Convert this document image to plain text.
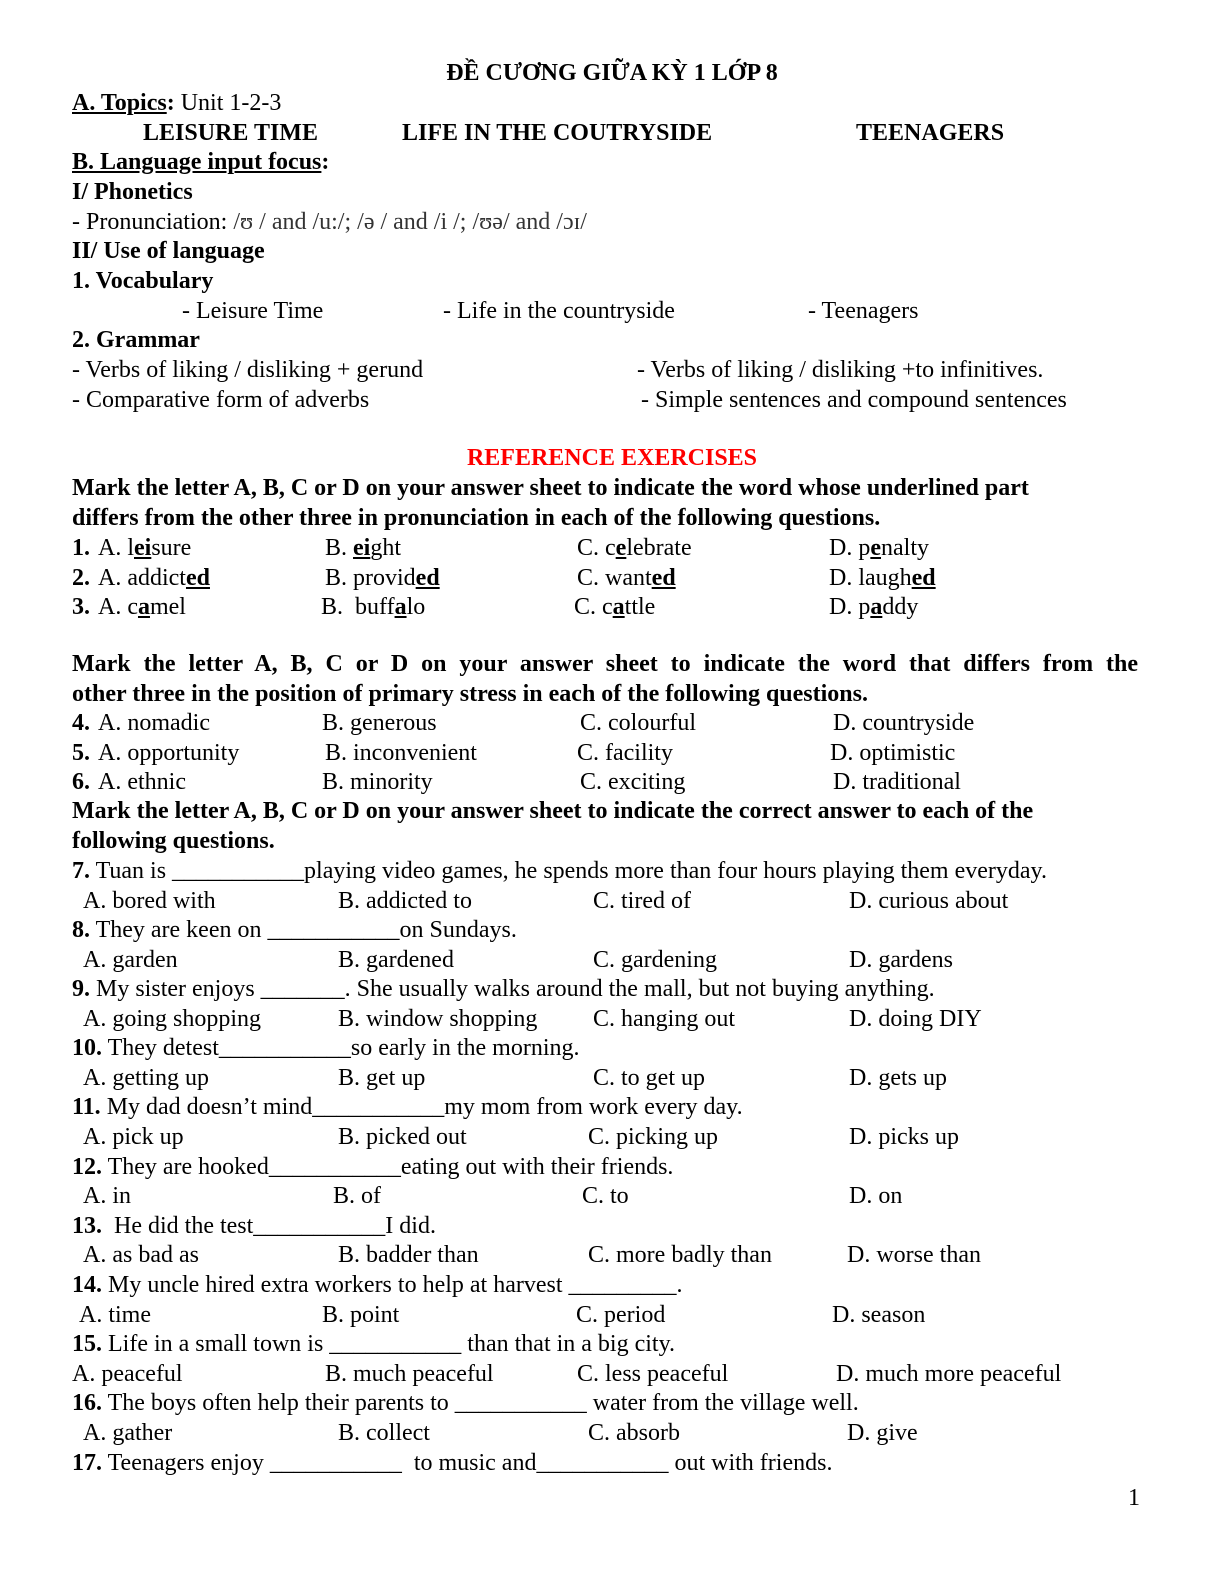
ĐỀ CƯƠNG GIỮA KỲ 1 LỚP 8
A. Topics: Unit 1-2-3
LEISURE TIME	LIFE IN THE COUTRYSIDE	TEENAGERS
B. Language input focus:
I/ Phonetics
- Pronunciation: /ʊ / and /u:/; /ə / and /i /; /ʊə/ and /ɔɪ/
II/ Use of language
1. Vocabulary
- Leisure Time	- Life in the countryside	- Teenagers
2. Grammar
- Verbs of liking / disliking + gerund	- Verbs of liking / disliking +to infinitives.
- Comparative form of adverbs	- Simple sentences and compound sentences
REFERENCE EXERCISES
Mark the letter A, B, C or D on your answer sheet to indicate the word whose underlined part
differs from the other three in pronunciation in each of the following questions.
1. A. leisure	B. eight	C. celebrate	D. penalty
2. A. addicted	B. provided	C. wanted	D. laughed
3. A. camel	B.  buffalo	C. cattle	D. paddy
Mark the letter A, B, C or D on your answer sheet to indicate the word that differs from the
other three in the position of primary stress in each of the following questions.
4. A. nomadic	B. generous	C. colourful	D. countryside
5. A. opportunity	B. inconvenient	C. facility	D. optimistic
6. A. ethnic	B. minority	C. exciting	D. traditional
Mark the letter A, B, C or D on your answer sheet to indicate the correct answer to each of the
following questions.
7. Tuan is ___________playing video games, he spends more than four hours playing them everyday.
A. bored with	B. addicted to	C. tired of	D. curious about
8. They are keen on ___________on Sundays.
A. garden	B. gardened	C. gardening	D. gardens
9. My sister enjoys _______. She usually walks around the mall, but not buying anything.
A. going shopping	B. window shopping C. hanging out	D. doing DIY
10. They detest___________so early in the morning.
A. getting up	B. get up	C. to get up	D. gets up
11. My dad doesn’t mind___________my mom from work every day.
A. pick up	B. picked out	C. picking up	D. picks up
12. They are hooked___________eating out with their friends.
A. in	B. of	C. to	D. on
13.  He did the test___________I did.
A. as bad as	B. badder than	C. more badly than	D. worse than
14. My uncle hired extra workers to help at harvest _________.
A. time	B. point	C. period	D. season
15. Life in a small town is ___________ than that in a big city.
A. peaceful	B. much peaceful	C. less peaceful	D. much more peaceful
16. The boys often help their parents to ___________ water from the village well.
A. gather	B. collect	C. absorb	D. give
17. Teenagers enjoy ___________  to music and___________ out with friends.
1
